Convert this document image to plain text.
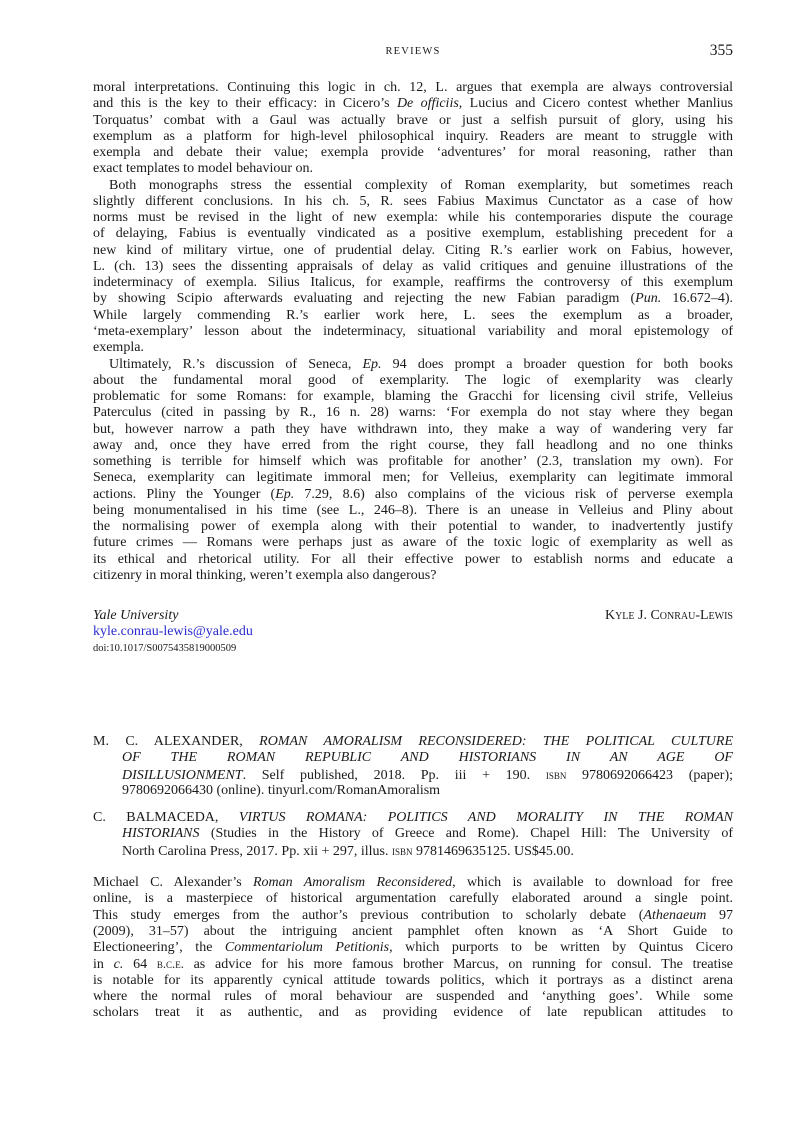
REVIEWS	355
moral interpretations. Continuing this logic in ch. 12, L. argues that exempla are always controversial
and this is the key to their efficacy: in Cicero’s De officiis, Lucius and Cicero contest whether Manlius
Torquatus’ combat with a Gaul was actually brave or just a selfish pursuit of glory, using his
exemplum as a platform for high-level philosophical inquiry. Readers are meant to struggle with
exempla and debate their value; exempla provide ‘adventures’ for moral reasoning, rather than
exact templates to model behaviour on.
Both monographs stress the essential complexity of Roman exemplarity, but sometimes reach
slightly different conclusions. In his ch. 5, R. sees Fabius Maximus Cunctator as a case of how
norms must be revised in the light of new exempla: while his contemporaries dispute the courage
of delaying, Fabius is eventually vindicated as a positive exemplum, establishing precedent for a
new kind of military virtue, one of prudential delay. Citing R.’s earlier work on Fabius, however,
L. (ch. 13) sees the dissenting appraisals of delay as valid critiques and genuine illustrations of the
indeterminacy of exempla. Silius Italicus, for example, reaffirms the controversy of this exemplum
by showing Scipio afterwards evaluating and rejecting the new Fabian paradigm (Pun. 16.672–4).
While largely commending R.’s earlier work here, L. sees the exemplum as a broader,
‘meta-exemplary’ lesson about the indeterminacy, situational variability and moral epistemology of
exempla.
Ultimately, R.’s discussion of Seneca, Ep. 94 does prompt a broader question for both books
about the fundamental moral good of exemplarity. The logic of exemplarity was clearly
problematic for some Romans: for example, blaming the Gracchi for licensing civil strife, Velleius
Paterculus (cited in passing by R., 16 n. 28) warns: ‘For exempla do not stay where they began
but, however narrow a path they have withdrawn into, they make a way of wandering very far
away and, once they have erred from the right course, they fall headlong and no one thinks
something is terrible for himself which was profitable for another’ (2.3, translation my own). For
Seneca, exemplarity can legitimate immoral men; for Velleius, exemplarity can legitimate immoral
actions. Pliny the Younger (Ep. 7.29, 8.6) also complains of the vicious risk of perverse exempla
being monumentalised in his time (see L., 246–8). There is an unease in Velleius and Pliny about
the normalising power of exempla along with their potential to wander, to inadvertently justify
future crimes — Romans were perhaps just as aware of the toxic logic of exemplarity as well as
its ethical and rhetorical utility. For all their effective power to establish norms and educate a
citizenry in moral thinking, weren’t exempla also dangerous?
Yale University	Kyle J. Conrau-Lewis
kyle.conrau-lewis@yale.edu
doi:10.1017/S0075435819000509
M. C. ALEXANDER, ROMAN AMORALISM RECONSIDERED: THE POLITICAL CULTURE
OF THE ROMAN REPUBLIC AND HISTORIANS IN AN AGE OF
DISILLUSIONMENT. Self published, 2018. Pp. iii + 190. isbn 9780692066423 (paper);
9780692066430 (online). tinyurl.com/RomanAmoralism
C. BALMACEDA, VIRTUS ROMANA: POLITICS AND MORALITY IN THE ROMAN
HISTORIANS (Studies in the History of Greece and Rome). Chapel Hill: The University of
North Carolina Press, 2017. Pp. xii + 297, illus. isbn 9781469635125. US$45.00.
Michael C. Alexander’s Roman Amoralism Reconsidered, which is available to download for free
online, is a masterpiece of historical argumentation carefully elaborated around a single point.
This study emerges from the author’s previous contribution to scholarly debate (Athenaeum 97
(2009), 31–57) about the intriguing ancient pamphlet often known as ‘A Short Guide to
Electioneering’, the Commentariolum Petitionis, which purports to be written by Quintus Cicero
in c. 64 b.c.e. as advice for his more famous brother Marcus, on running for consul. The treatise
is notable for its apparently cynical attitude towards politics, which it portrays as a distinct arena
where the normal rules of moral behaviour are suspended and ‘anything goes’. While some
scholars treat it as authentic, and as providing evidence of late republican attitudes to
